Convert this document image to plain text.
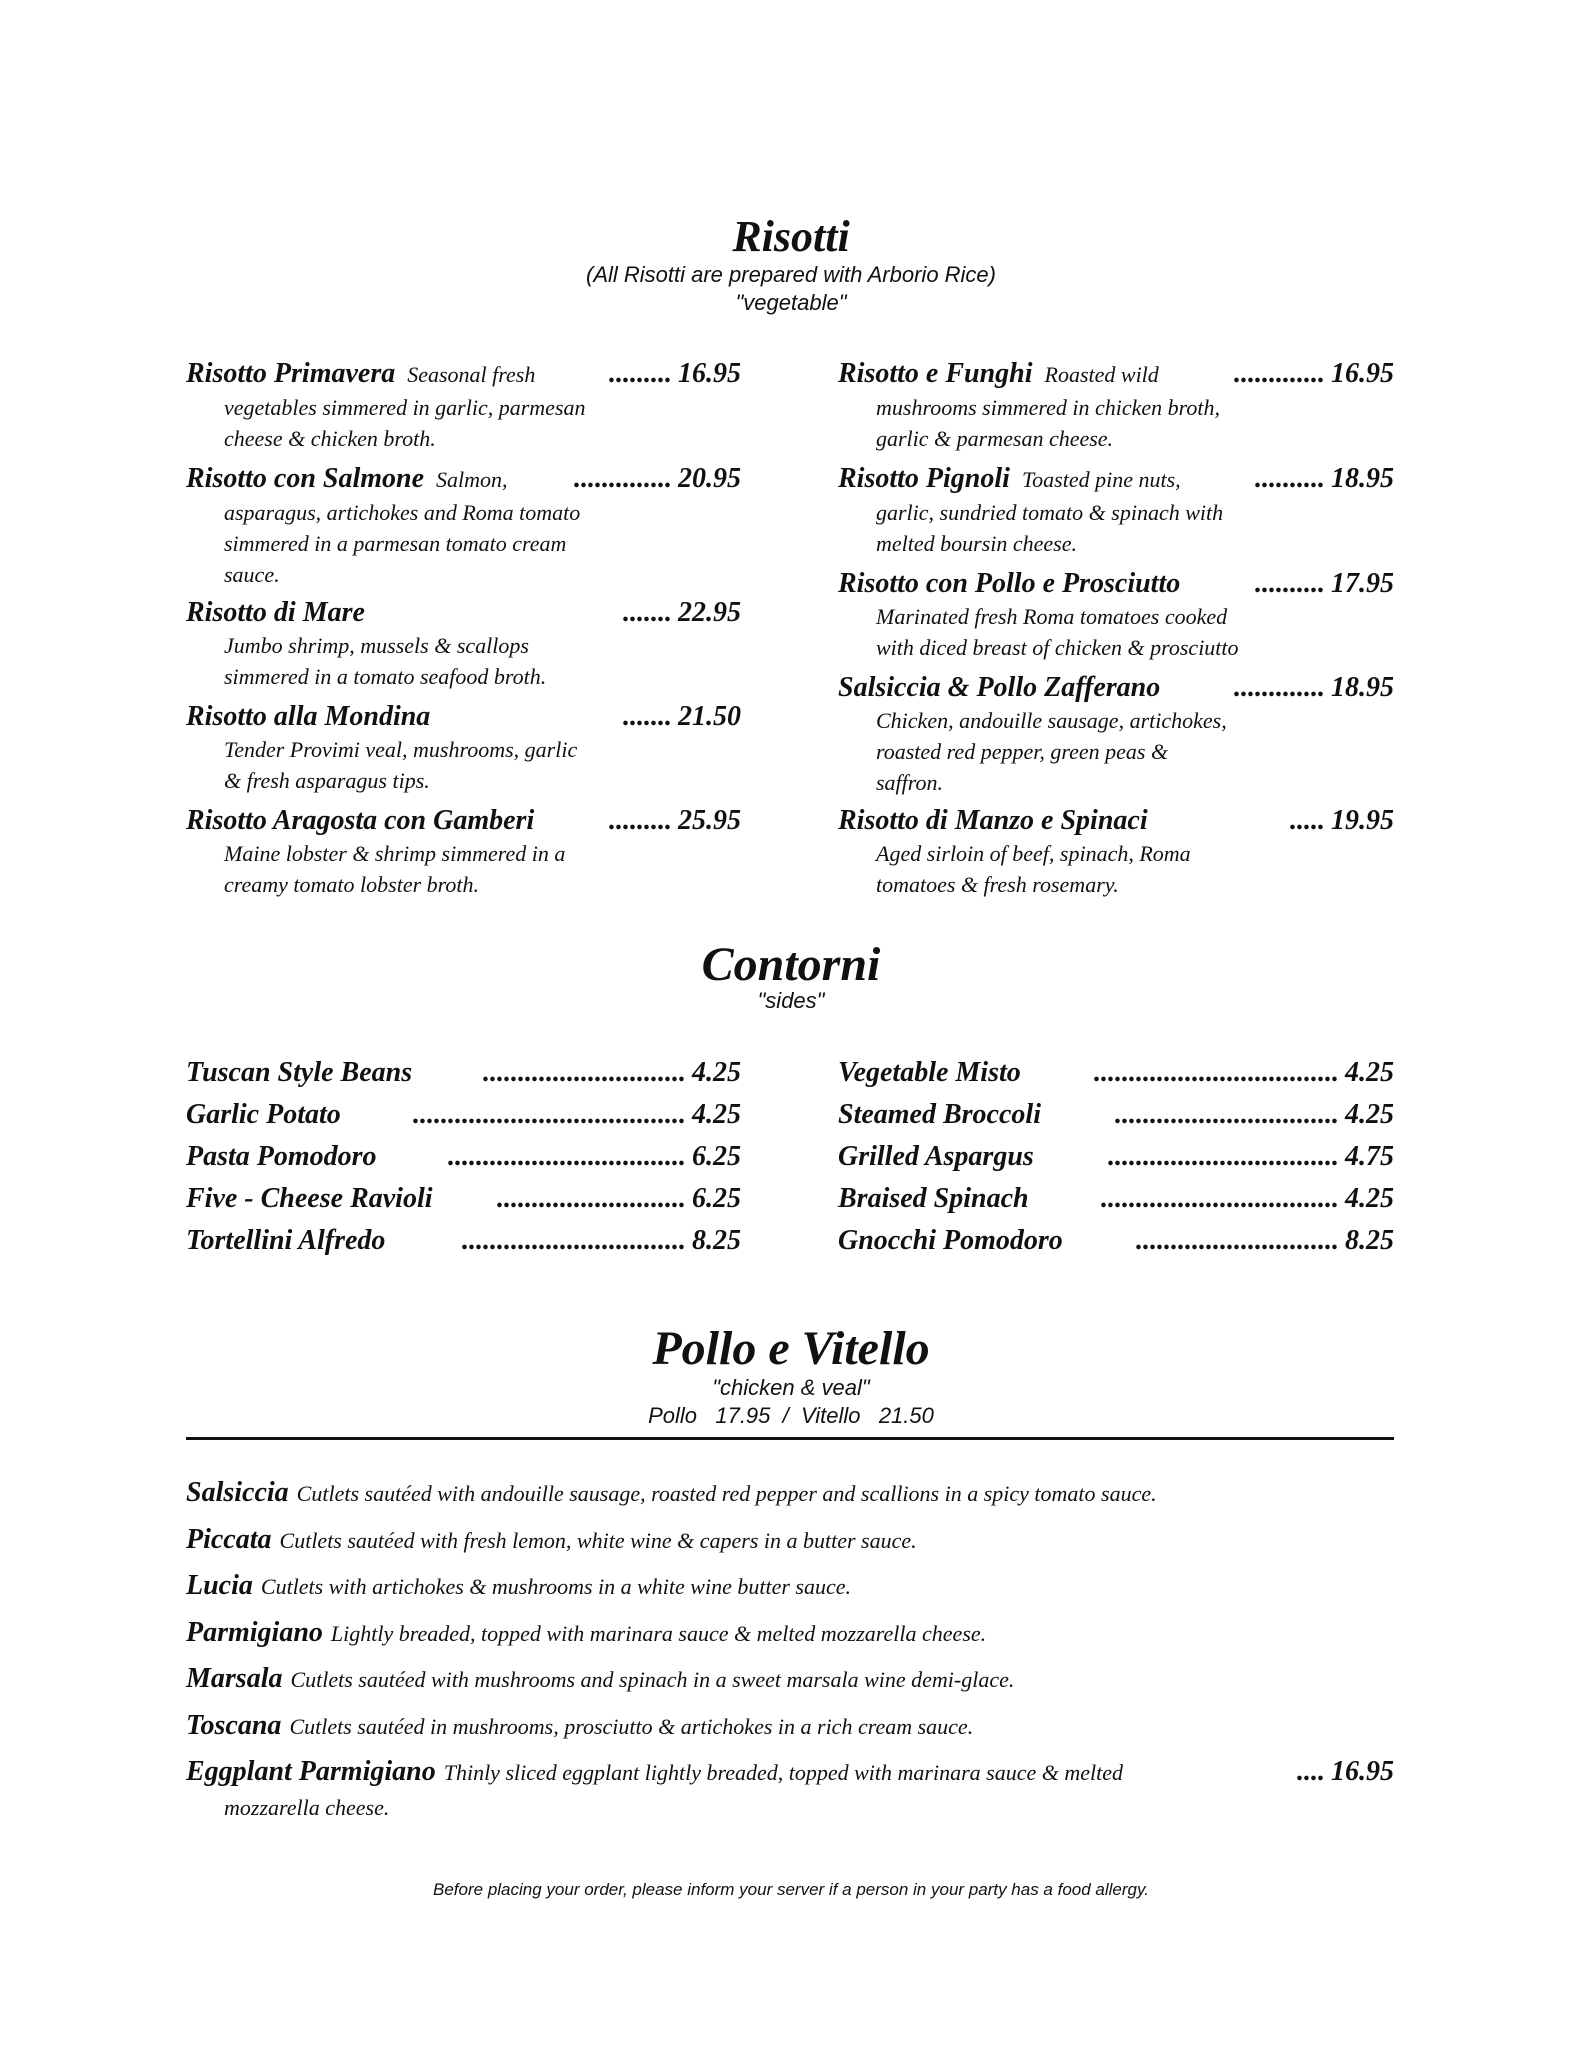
Risotti

(All Risotti are prepared with Arborio Rice)

"vegetable"

Risotto Primavera Seasonal fresh	......... 16.95
vegetables simmered in garlic, parmesan
cheese & chicken broth.
Risotto con Salmone Salmon, .............. 20.95
asparagus, artichokes and Roma tomato
simmered in a parmesan tomato cream
sauce.
Risotto di Mare	....... 22.95
Jumbo shrimp, mussels & scallops
simmered in a tomato seafood broth.
Risotto alla Mondina	....... 21.50
Tender Provimi veal, mushrooms, garlic
& fresh asparagus tips.
Risotto Aragosta con Gamberi	......... 25.95
Maine lobster & shrimp simmered in a
creamy tomato lobster broth.
Risotto e Funghi Roasted wild	............. 16.95
mushrooms simmered in chicken broth,
garlic & parmesan cheese.
Risotto Pignoli Toasted pine nuts,	.......... 18.95
garlic, sundried tomato & spinach with
melted boursin cheese.
Risotto con Pollo e Prosciutto	.......... 17.95
Marinated fresh Roma tomatoes cooked
with diced breast of chicken & prosciutto
Salsiccia & Pollo Zafferano	............. 18.95
Chicken, andouille sausage, artichokes,
roasted red pepper, green peas &
saffron.
Risotto di Manzo e Spinaci	..... 19.95
Aged sirloin of beef, spinach, Roma
tomatoes & fresh rosemary.
Contorni

"sides"

Tuscan Style Beans	............................. 4.25
Garlic Potato	....................................... 4.25
Pasta Pomodoro	.................................. 6.25
Five - Cheese Ravioli ........................... 6.25
Tortellini Alfredo	................................ 8.25
Vegetable Misto	................................... 4.25
Steamed Broccoli	................................ 4.25
Grilled Aspargus	................................. 4.75
Braised Spinach	.................................. 4.25
Gnocchi Pomodoro	............................. 8.25
Pollo e Vitello

"chicken & veal"

Pollo   17.95  /  Vitello   21.50

Salsiccia Cutlets sautéed with andouille sausage, roasted red pepper and scallions in a spicy tomato sauce.

Piccata Cutlets sautéed with fresh lemon, white wine & capers in a butter sauce.

Lucia Cutlets with artichokes & mushrooms in a white wine butter sauce.

Parmigiano Lightly breaded, topped with marinara sauce & melted mozzarella cheese.

Marsala Cutlets sautéed with mushrooms and spinach in a sweet marsala wine demi-glace.

Toscana Cutlets sautéed in mushrooms, prosciutto & artichokes in a rich cream sauce.

Eggplant Parmigiano Thinly sliced eggplant lightly breaded, topped with marinara sauce & melted	.... 16.95
mozzarella cheese.

Before placing your order, please inform your server if a person in your party has a food allergy.
